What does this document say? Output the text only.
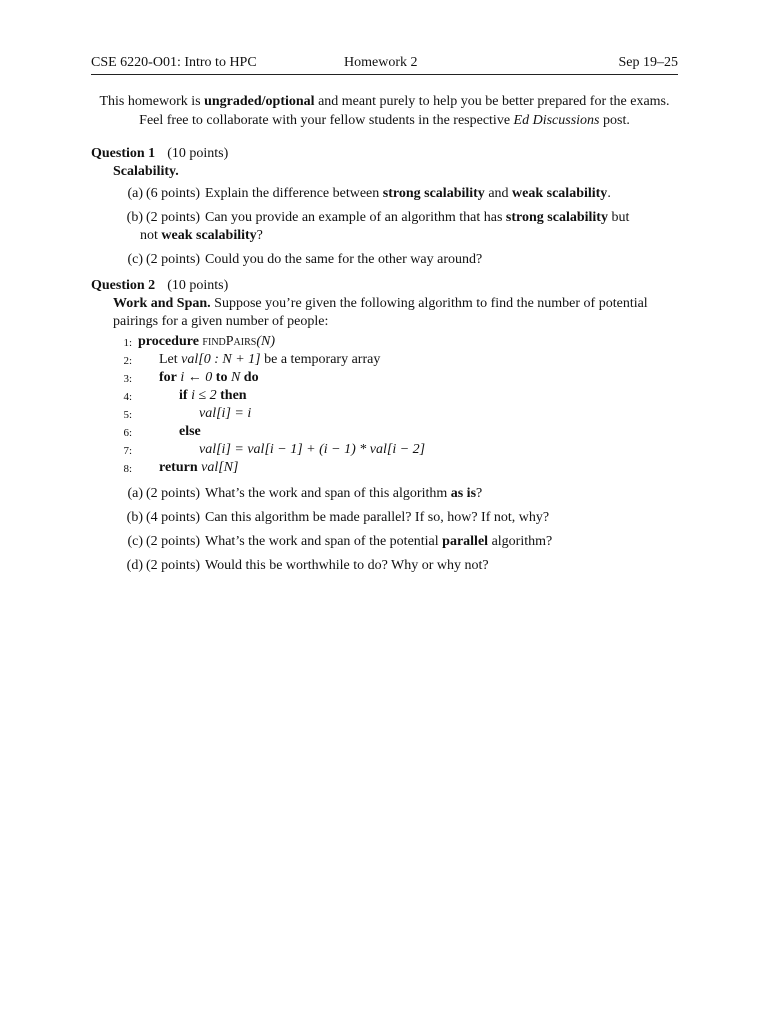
CSE 6220-O01: Intro to HPC	Homework 2	Sep 19–25
This homework is ungraded/optional and meant purely to help you be better prepared for the exams. Feel free to collaborate with your fellow students in the respective Ed Discussions post.
Question 1 (10 points)
Scalability.
(a) (6 points) Explain the difference between strong scalability and weak scalability.
(b) (2 points) Can you provide an example of an algorithm that has strong scalability but
not weak scalability?
(c) (2 points) Could you do the same for the other way around?
Question 2 (10 points)
Work and Span. Suppose you’re given the following algorithm to find the number of potential pairings for a given number of people:
1: procedure findPairs(N)
2: Let val[0 : N + 1] be a temporary array
3: for i ← 0 to N do
4:	if i ≤ 2 then
5:	val[i] = i
6:	else
7:	val[i] = val[i − 1] + (i − 1) * val[i − 2]
8: return val[N]
(a) (2 points) What’s the work and span of this algorithm as is?
(b) (4 points) Can this algorithm be made parallel? If so, how? If not, why?
(c) (2 points) What’s the work and span of the potential parallel algorithm?
(d) (2 points) Would this be worthwhile to do? Why or why not?
